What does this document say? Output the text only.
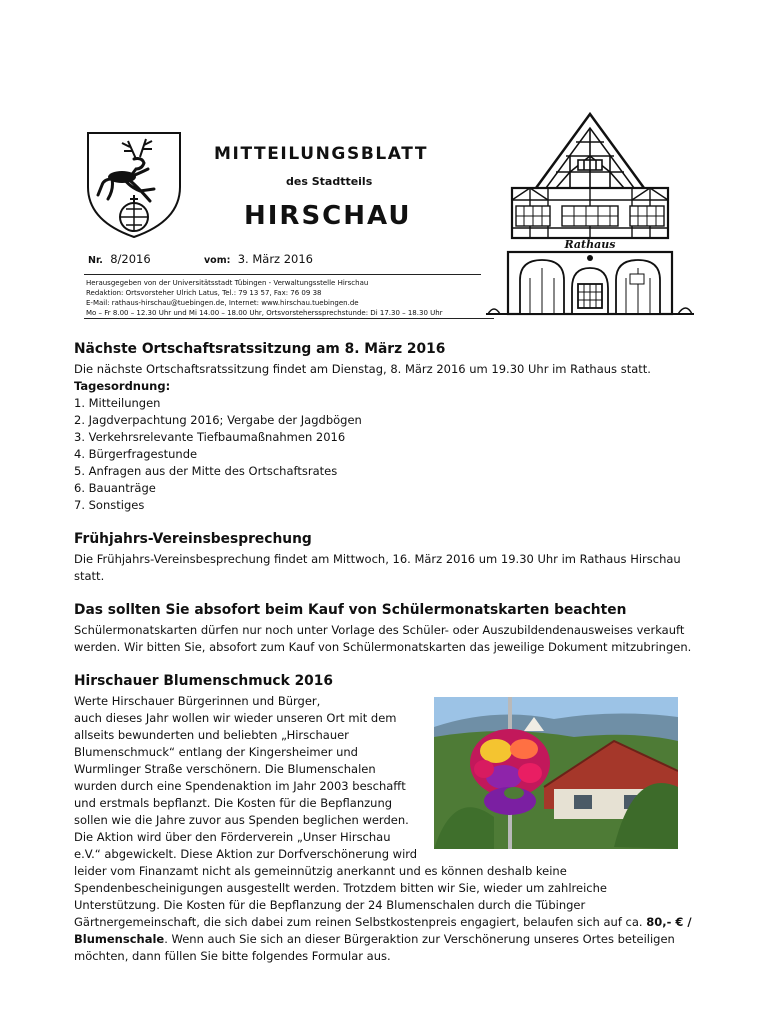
MITTEILUNGSBLATT
des Stadtteils
HIRSCHAU
Nr. 8/2016	vom: 3. März 2016
Herausgegeben von der Universitätsstadt Tübingen - Verwaltungsstelle Hirschau
Redaktion: Ortsvorsteher Ulrich Latus, Tel.: 79 13 57, Fax: 76 09 38
E-Mail: rathaus-hirschau@tuebingen.de, Internet: www.hirschau.tuebingen.de
Mo – Fr 8.00 – 12.30 Uhr und Mi 14.00 – 18.00 Uhr, Ortsvorsteherssprechstunde: Di 17.30 – 18.30 Uhr
Rathaus
Nächste Ortschaftsratssitzung am 8. März 2016

Die nächste Ortschaftsratssitzung findet am Dienstag, 8. März 2016 um 19.30 Uhr im Rathaus statt.

Tagesordnung:

1. Mitteilungen
2. Jagdverpachtung 2016; Vergabe der Jagdbögen
3. Verkehrsrelevante Tiefbaumaßnahmen 2016
4. Bürgerfragestunde
5. Anfragen aus der Mitte des Ortschaftsrates
6. Bauanträge
7. Sonstiges
Frühjahrs-Vereinsbesprechung

Die Frühjahrs-Vereinsbesprechung findet am Mittwoch, 16. März 2016 um 19.30 Uhr im Rathaus Hirschau statt.

Das sollten Sie absofort beim Kauf von Schülermonatskarten beachten

Schülermonatskarten dürfen nur noch unter Vorlage des Schüler- oder Auszubildendenausweises verkauft werden. Wir bitten Sie, absofort zum Kauf von Schülermonatskarten das jeweilige Dokument mitzubringen.

Hirschauer Blumenschmuck 2016

Werte Hirschauer Bürgerinnen und Bürger,

auch dieses Jahr wollen wir wieder unseren Ort mit dem allseits bewunderten und beliebten „Hirschauer Blumenschmuck“ entlang der Kingersheimer und Wurmlinger Straße verschönern. Die Blumenschalen wurden durch eine Spendenaktion im Jahr 2003 beschafft und erstmals bepflanzt. Die Kosten für die Bepflanzung sollen wie die Jahre zuvor aus Spenden beglichen werden. Die Aktion wird über den Förderverein „Unser Hirschau e.V.“ abgewickelt. Diese Aktion zur Dorfverschönerung wird leider vom Finanzamt nicht als gemeinnützig anerkannt und es können deshalb keine Spendenbescheinigungen ausgestellt werden. Trotzdem bitten wir Sie, wieder um zahlreiche Unterstützung. Die Kosten für die Bepflanzung der 24 Blumenschalen durch die Tübinger Gärtnergemeinschaft, die sich dabei zum reinen Selbstkostenpreis engagiert, belaufen sich auf ca. 80,- € / Blumenschale. Wenn auch Sie sich an dieser Bürgeraktion zur Verschönerung unseres Ortes beteiligen möchten, dann füllen Sie bitte folgendes Formular aus.
